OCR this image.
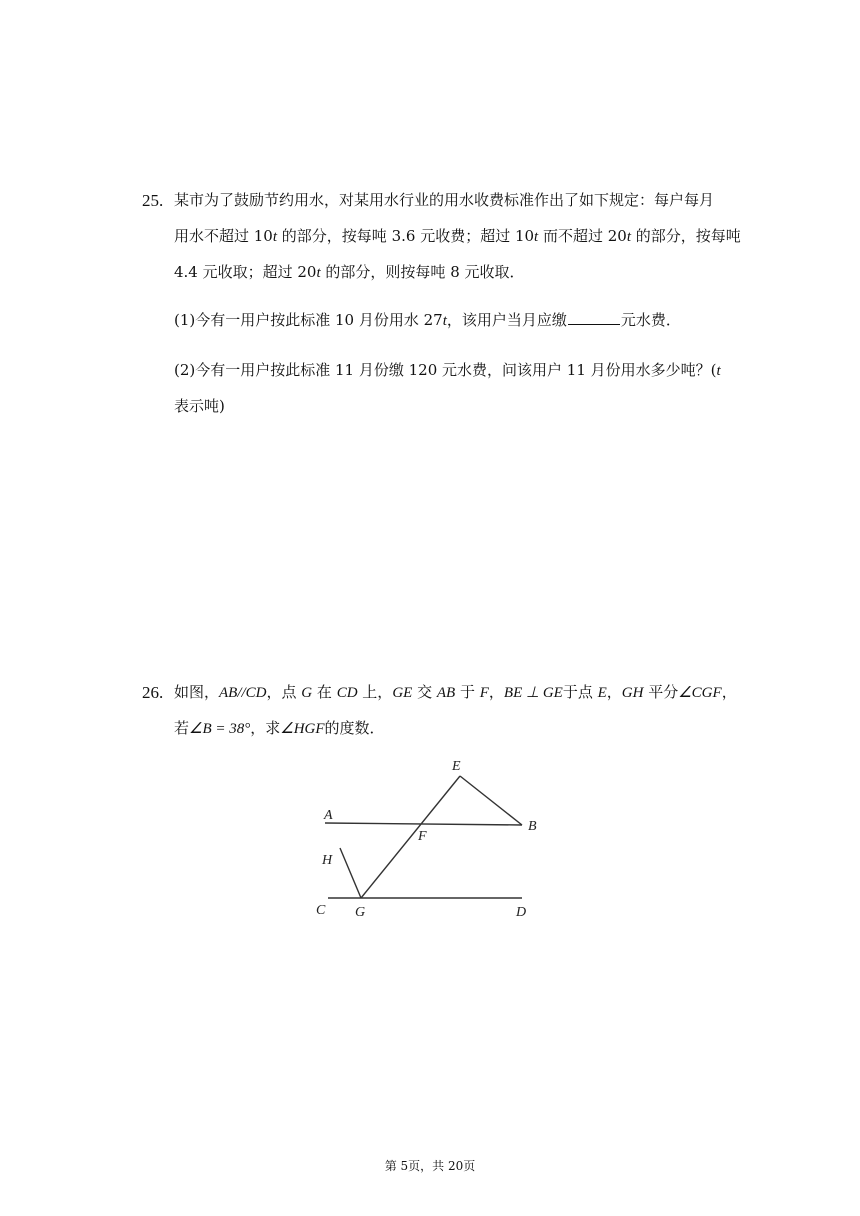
25. 某市为了鼓励节约用水，对某用水行业的用水收费标准作出了如下规定：每户每月
用水不超过 10t 的部分，按每吨 3.6 元收费；超过 10t 而不超过 20t 的部分，按每吨
4.4 元收取；超过 20t 的部分，则按每吨 8 元收取．
(1)今有一用户按此标准 10 月份用水 27t，该用户当月应缴	元水费．
(2)今有一用户按此标准 11 月份缴 120 元水费，问该用户 11 月份用水多少吨？(t
表示吨)
26. 如图，AB//CD，点 G 在 CD 上，GE 交 AB 于 F，BE ⊥ GE于点 E，GH 平分∠CGF，
若∠B = 38°，求∠HGF的度数．
E
A
B
F
H
C G	D
第 5页，共 20页
